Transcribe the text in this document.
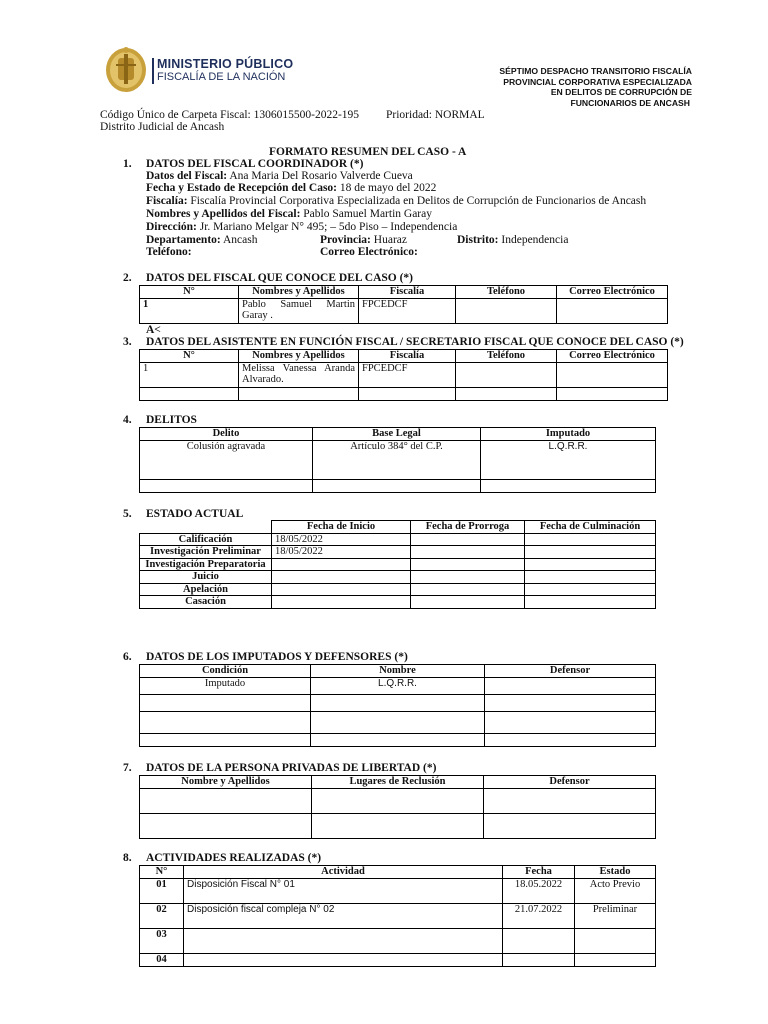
MINISTERIO PÚBLICO
FISCALÍA DE LA NACIÓN	SÉPTIMO DESPACHO TRANSITORIO FISCALÍA
PROVINCIAL CORPORATIVA ESPECIALIZADA
EN DELITOS DE CORRUPCIÓN DE
FUNCIONARIOS DE ANCASH
Código Único de Carpeta Fiscal: 1306015500-2022-195 Prioridad: NORMAL
Distrito Judicial de Ancash
FORMATO RESUMEN DEL CASO - A
1. DATOS DEL FISCAL COORDINADOR (*)
Datos del Fiscal: Ana Maria Del Rosario Valverde Cueva
Fecha y Estado de Recepción del Caso: 18 de mayo del 2022
Fiscalía: Fiscalía Provincial Corporativa Especializada en Delitos de Corrupción de Funcionarios de Ancash
Nombres y Apellidos del Fiscal: Pablo Samuel Martin Garay
Dirección: Jr. Mariano Melgar N° 495; – 5do Piso – Independencia
Departamento: Ancash	Provincia: Huaraz	Distrito: Independencia
Teléfono:	Correo Electrónico:
2. DATOS DEL FISCAL QUE CONOCE DEL CASO (*)
N°	Nombres y Apellidos	Fiscalía	Teléfono	Correo Electrónico
1	Pablo Samuel Martin Garay .	FPCEDCF		
A<
3. DATOS DEL ASISTENTE EN FUNCIÓN FISCAL / SECRETARIO FISCAL QUE CONOCE DEL CASO (*)
N°	Nombres y Apellidos	Fiscalía	Teléfono	Correo Electrónico
1	Melissa Vanessa Aranda Alvarado.	FPCEDCF		

4. DELITOS
Delito	Base Legal	Imputado
Colusión agravada	Artículo 384° del C.P.	L.Q.R.R.

5. ESTADO ACTUAL
	Fecha de Inicio	Fecha de Prorroga	Fecha de Culminación
Calificación	18/05/2022		
Investigación Preliminar	18/05/2022		
Investigación Preparatoria			
Juicio			
Apelación			
Casación			
6. DATOS DE LOS IMPUTADOS Y DEFENSORES (*)
Condición	Nombre	Defensor
Imputado	L.Q.R.R.	

7. DATOS DE LA PERSONA PRIVADAS DE LIBERTAD (*)
Nombre y Apellidos	Lugares de Reclusión	Defensor

8. ACTIVIDADES REALIZADAS (*)
N°	Actividad	Fecha	Estado
01	Disposición Fiscal N° 01	18.05.2022	Acto Previo
02	Disposición fiscal compleja N° 02	21.07.2022	Preliminar
03			
04			
